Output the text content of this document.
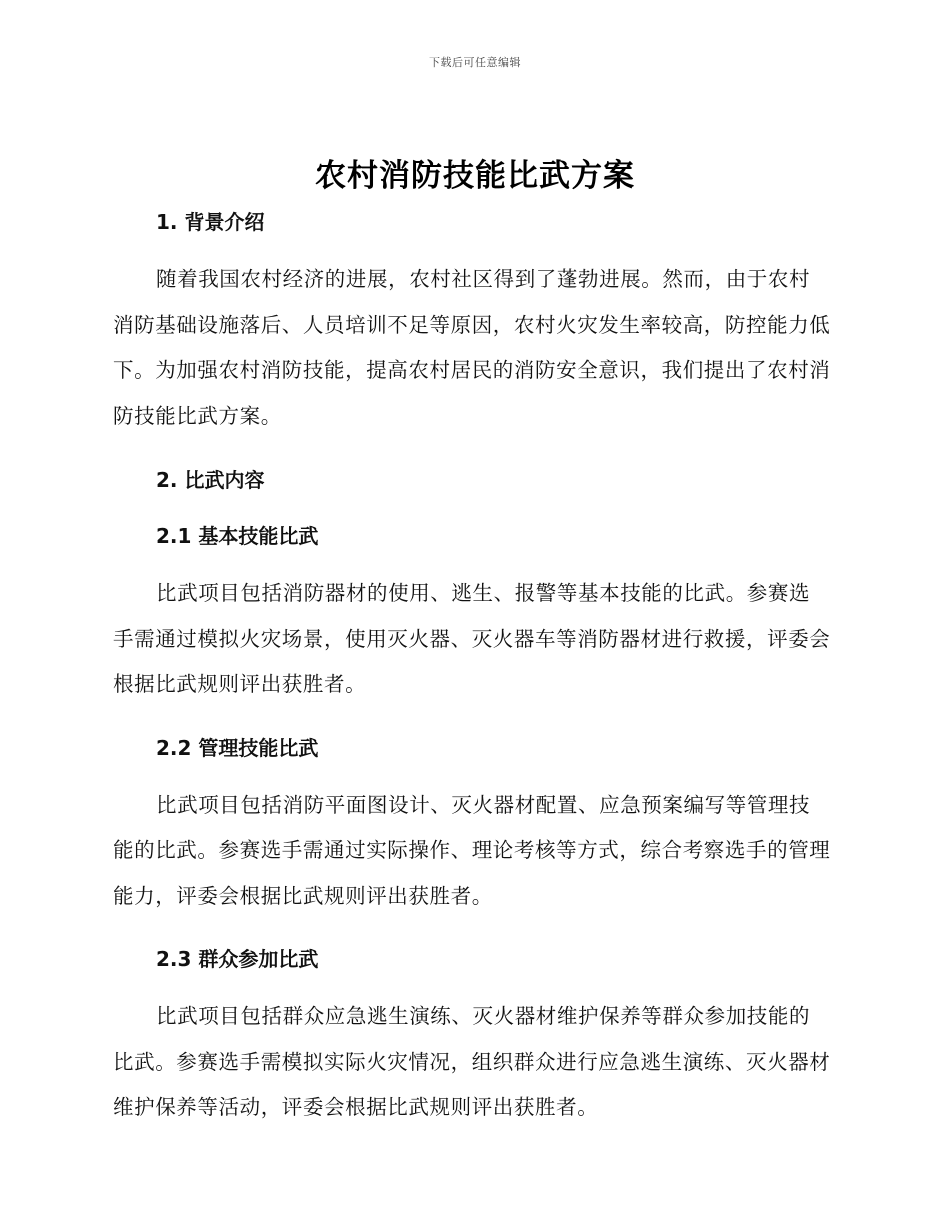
下载后可任意编辑
农村消防技能比武方案
1. 背景介绍

随着我国农村经济的进展，农村社区得到了蓬勃进展。然而，由于农村消防基础设施落后、人员培训不足等原因，农村火灾发生率较高，防控能力低下。为加强农村消防技能，提高农村居民的消防安全意识，我们提出了农村消防技能比武方案。

2. 比武内容
2.1 基本技能比武

比武项目包括消防器材的使用、逃生、报警等基本技能的比武。参赛选手需通过模拟火灾场景，使用灭火器、灭火器车等消防器材进行救援，评委会根据比武规则评出获胜者。

2.2 管理技能比武

比武项目包括消防平面图设计、灭火器材配置、应急预案编写等管理技能的比武。参赛选手需通过实际操作、理论考核等方式，综合考察选手的管理能力，评委会根据比武规则评出获胜者。

2.3 群众参加比武

比武项目包括群众应急逃生演练、灭火器材维护保养等群众参加技能的比武。参赛选手需模拟实际火灾情况，组织群众进行应急逃生演练、灭火器材维护保养等活动，评委会根据比武规则评出获胜者。
